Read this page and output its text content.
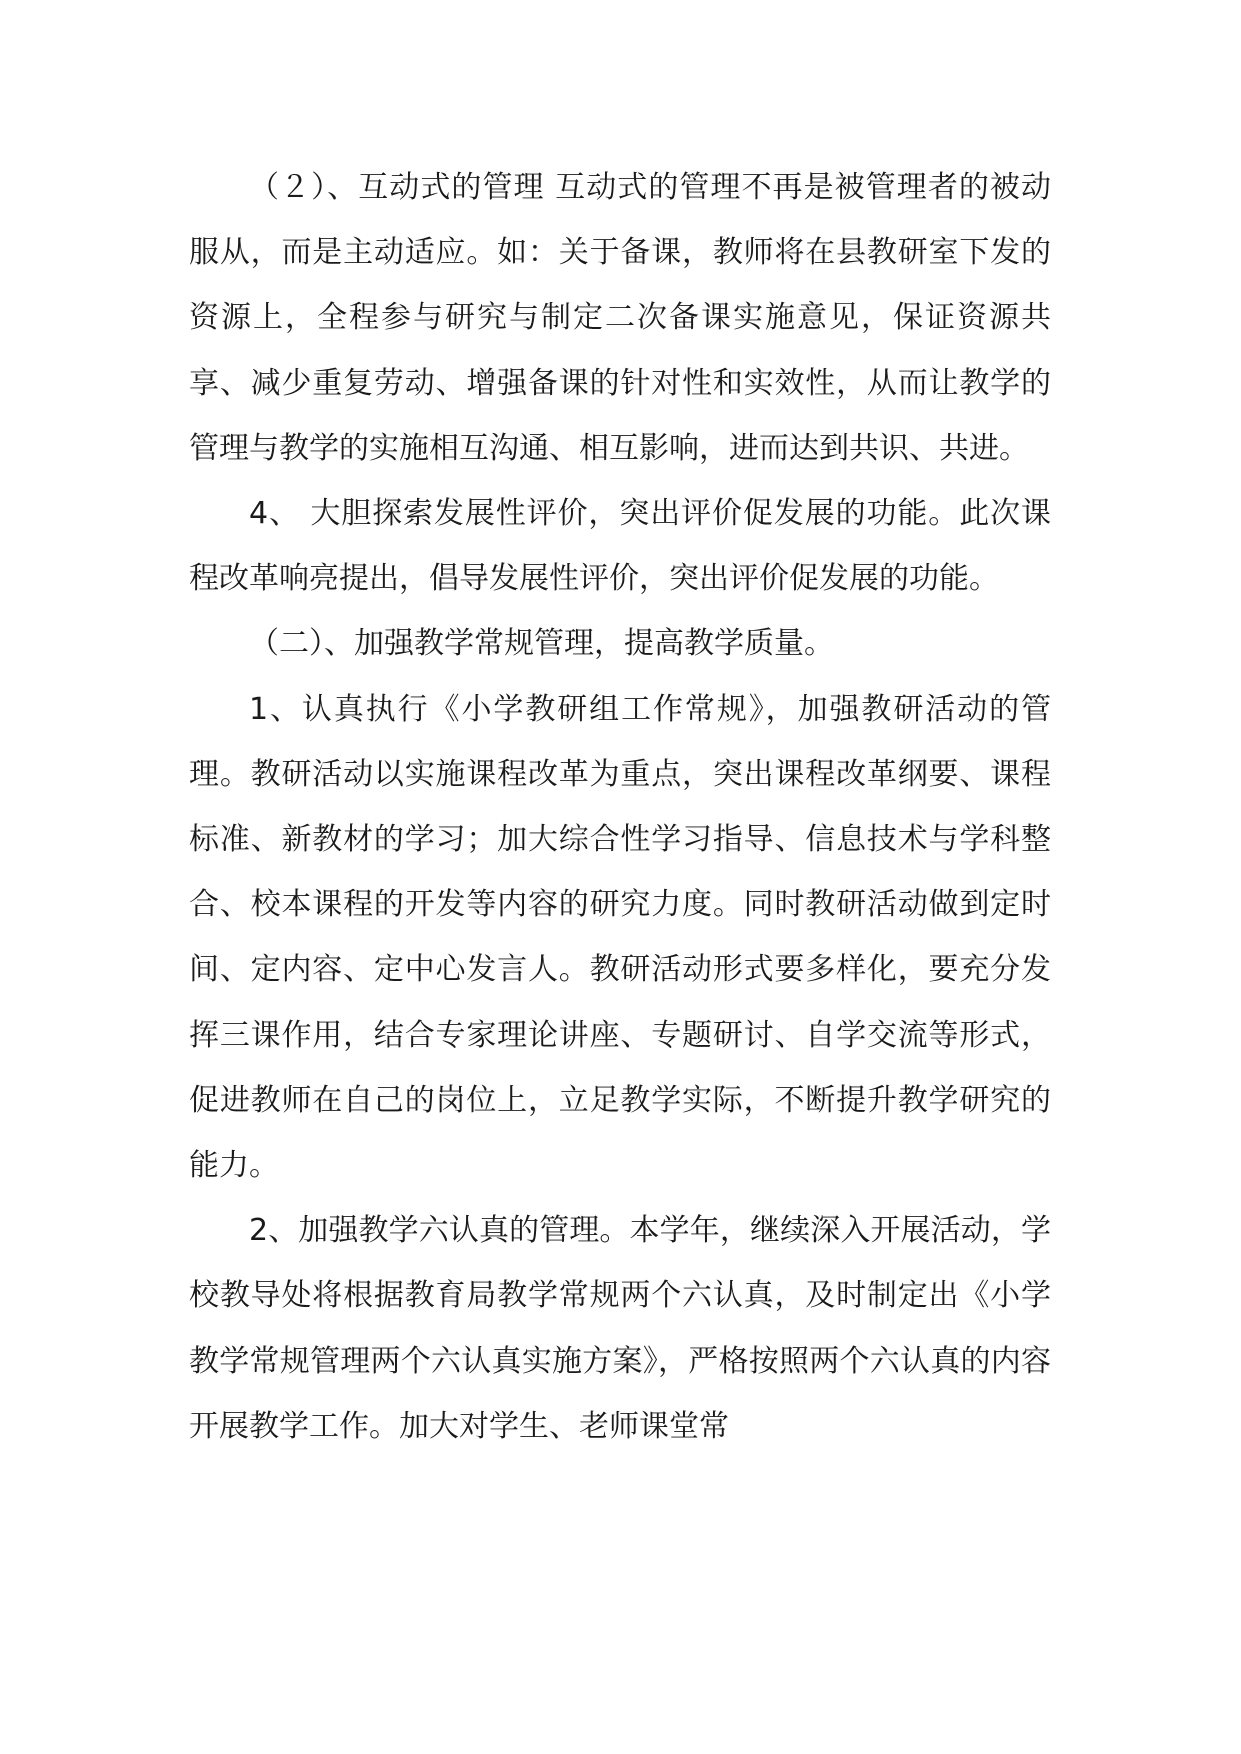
（２）、互动式的管理 互动式的管理不再是被管理者的被动服从，而是主动适应。如：关于备课，教师将在县教研室下发的资源上，全程参与研究与制定二次备课实施意见，保证资源共享、减少重复劳动、增强备课的针对性和实效性，从而让教学的管理与教学的实施相互沟通、相互影响，进而达到共识、共进。

4、 大胆探索发展性评价，突出评价促发展的功能。此次课程改革响亮提出，倡导发展性评价，突出评价促发展的功能。

（二）、加强教学常规管理，提高教学质量。

1、认真执行《小学教研组工作常规》，加强教研活动的管理。教研活动以实施课程改革为重点，突出课程改革纲要、课程标准、新教材的学习；加大综合性学习指导、信息技术与学科整合、校本课程的开发等内容的研究力度。同时教研活动做到定时间、定内容、定中心发言人。教研活动形式要多样化，要充分发挥三课作用，结合专家理论讲座、专题研讨、自学交流等形式，促进教师在自己的岗位上，立足教学实际，不断提升教学研究的能力。

2、加强教学六认真的管理。本学年，继续深入开展活动，学校教导处将根据教育局教学常规两个六认真，及时制定出《小学教学常规管理两个六认真实施方案》，严格按照两个六认真的内容开展教学工作。加大对学生、老师课堂常
